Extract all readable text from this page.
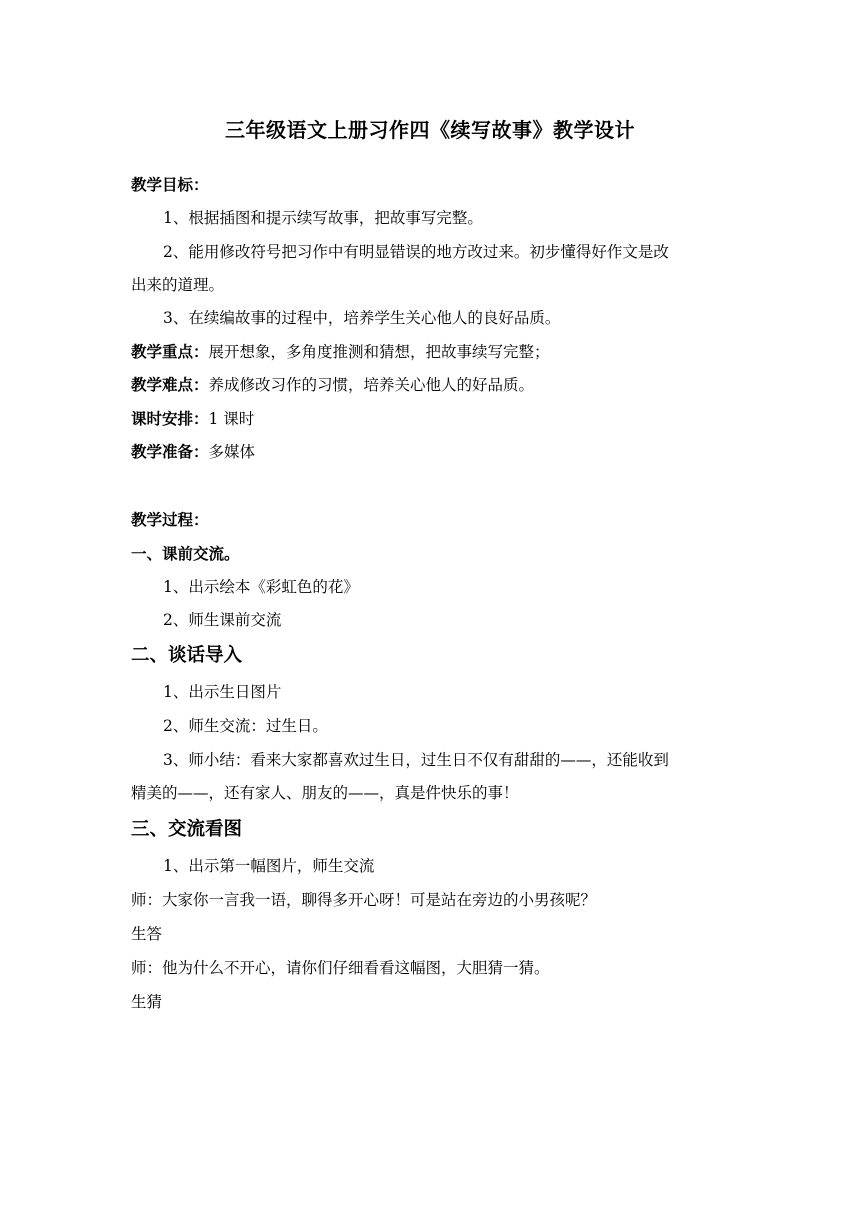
三年级语文上册习作四《续写故事》教学设计
教学目标：
1、根据插图和提示续写故事，把故事写完整。
2、能用修改符号把习作中有明显错误的地方改过来。初步懂得好作文是改
出来的道理。
3、在续编故事的过程中，培养学生关心他人的良好品质。
教学重点：展开想象，多角度推测和猜想，把故事续写完整；
教学难点：养成修改习作的习惯，培养关心他人的好品质。
课时安排：1 课时
教学准备：多媒体
教学过程：
一、课前交流。
1、出示绘本《彩虹色的花》
2、师生课前交流
二、谈话导入
1、出示生日图片
2、师生交流：过生日。
3、师小结：看来大家都喜欢过生日，过生日不仅有甜甜的——，还能收到
精美的——，还有家人、朋友的——，真是件快乐的事！
三、交流看图
1、出示第一幅图片，师生交流
师：大家你一言我一语，聊得多开心呀！可是站在旁边的小男孩呢？
生答
师：他为什么不开心，请你们仔细看看这幅图，大胆猜一猜。
生猜
